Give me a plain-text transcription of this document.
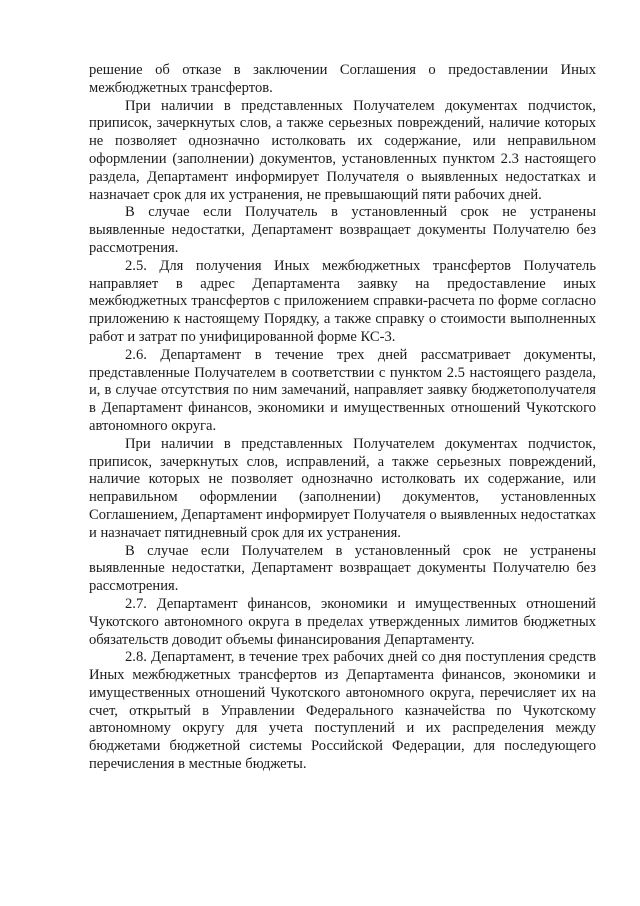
решение об отказе в заключении Соглашения о предоставлении Иных межбюджетных трансфертов.

При наличии в представленных Получателем документах подчисток, приписок, зачеркнутых слов, а также серьезных повреждений, наличие которых не позволяет однозначно истолковать их содержание, или неправильном оформлении (заполнении) документов, установленных пунктом 2.3 настоящего раздела, Департамент информирует Получателя о выявленных недостатках и назначает срок для их устранения, не превышающий пяти рабочих дней.

В случае если Получатель в установленный срок не устранены выявленные недостатки, Департамент возвращает документы Получателю без рассмотрения.

2.5. Для получения Иных межбюджетных трансфертов Получатель направляет в адрес Департамента заявку на предоставление иных межбюджетных трансфертов с приложением справки-расчета по форме согласно приложению к настоящему Порядку, а также справку о стоимости выполненных работ и затрат по унифицированной форме КС-3.

2.6. Департамент в течение трех дней рассматривает документы, представленные Получателем в соответствии с пунктом 2.5 настоящего раздела, и, в случае отсутствия по ним замечаний, направляет заявку бюджетополучателя в Департамент финансов, экономики и имущественных отношений Чукотского автономного округа.

При наличии в представленных Получателем документах подчисток, приписок, зачеркнутых слов, исправлений, а также серьезных повреждений, наличие которых не позволяет однозначно истолковать их содержание, или неправильном оформлении (заполнении) документов, установленных Соглашением, Департамент информирует Получателя о выявленных недостатках и назначает пятидневный срок для их устранения.

В случае если Получателем в установленный срок не устранены выявленные недостатки, Департамент возвращает документы Получателю без рассмотрения.

2.7. Департамент финансов, экономики и имущественных отношений Чукотского автономного округа в пределах утвержденных лимитов бюджетных обязательств доводит объемы финансирования Департаменту.

2.8. Департамент, в течение трех рабочих дней со дня поступления средств Иных межбюджетных трансфертов из Департамента финансов, экономики и имущественных отношений Чукотского автономного округа, перечисляет их на счет, открытый в Управлении Федерального казначейства по Чукотскому автономному округу для учета поступлений и их распределения между бюджетами бюджетной системы Российской Федерации, для последующего перечисления в местные бюджеты.
